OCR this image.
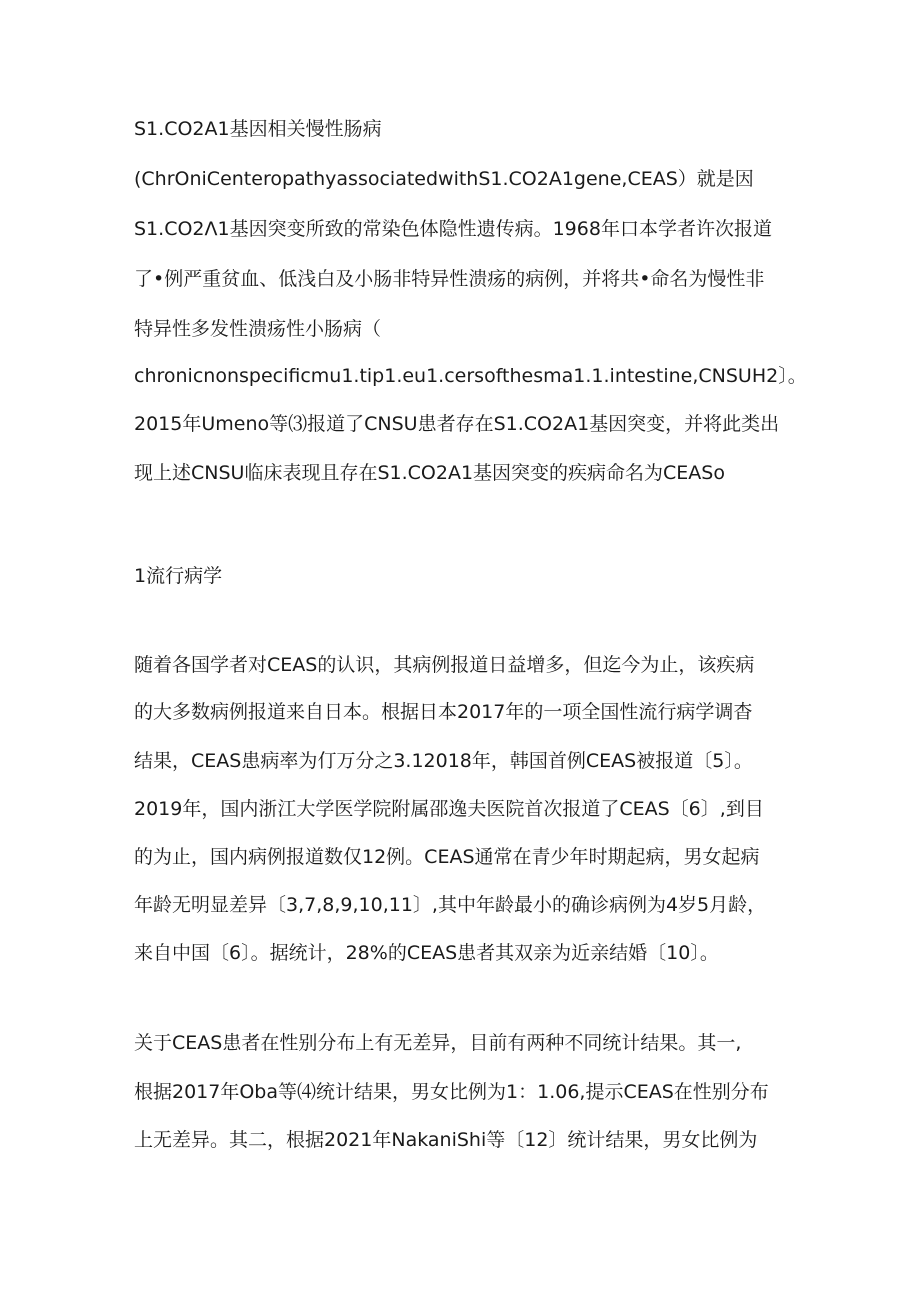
S1.CO2A1基因相关慢性肠病
(ChrOniCenteropathyassociatedwithS1.CO2A1gene,CEAS）就是因
S1.CO2Λ1基因突变所致的常染色体隐性遗传病。1968年口本学者许次报道
了•例严重贫血、低浅白及小肠非特异性溃疡的病例，并将共•命名为慢性非
特异性多发性溃疡性小肠病（
chronicnonspecificmu1.tip1.eu1.cersofthesma1.1.intestine,CNSUH2〕。
2015年Umeno等⑶报道了CNSU患者存在S1.CO2A1基因突变，并将此类出
现上述CNSU临床表现且存在S1.CO2A1基因突变的疾病命名为CEASo
1流行病学
随着各国学者对CEAS的认识，其病例报道日益增多，但迄今为止，该疾病
的大多数病例报道来自日本。根据日本2017年的一项全国性流行病学调杳
结果，CEAS患病率为仃万分之3.12018年，韩国首例CEAS被报道〔5〕。
2019年，国内浙江大学医学院附属邵逸夫医院首次报道了CEAS〔6〕,到目
的为止，国内病例报道数仅12例。CEAS通常在青少年时期起病，男女起病
年龄无明显差异〔3,7,8,9,10,11〕,其中年龄最小的确诊病例为4岁5月龄，
来自中国〔6〕。据统计，28%的CEAS患者其双亲为近亲结婚〔10〕。
关于CEAS患者在性别分布上有无差异，目前有两种不同统计结果。其一,
根据2017年Oba等⑷统计结果，男女比例为1：1.06,提示CEAS在性别分布
上无差异。其二，根据2021年NakaniShi等〔12〕统计结果，男女比例为
